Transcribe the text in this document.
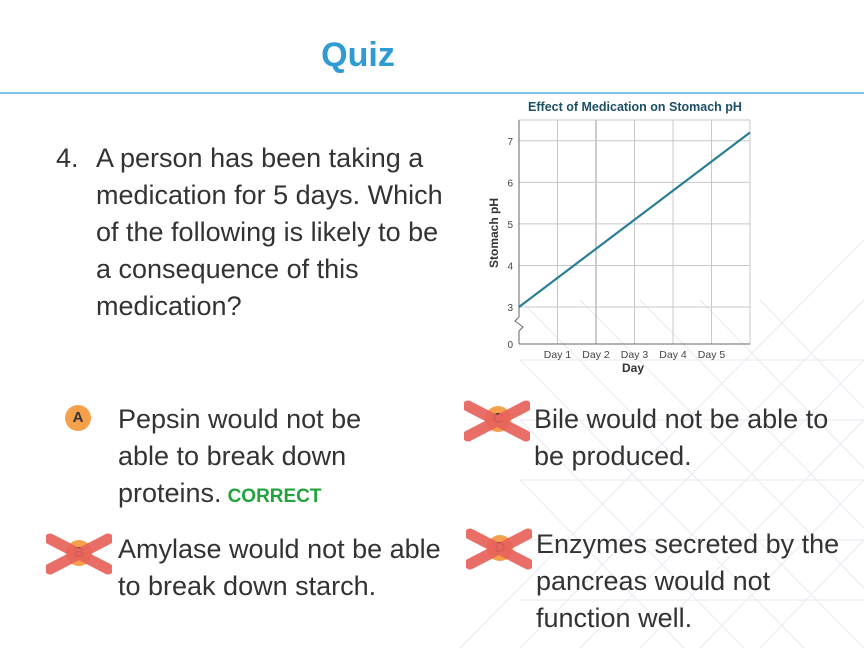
Quiz
4. A person has been taking a medication for 5 days. Which of the following is likely to be a consequence of this medication?
Effect of Medication on Stomach pH
0
3
4
5
6
7
Day 1 Day 2 Day 3 Day 4 Day 5
Day
Stomach pH
A Pepsin would not be able to break down proteins. CORRECT
Bile would not be able to be produced.
Amylase would not be able to break down starch.
Enzymes secreted by the pancreas would not function well.
